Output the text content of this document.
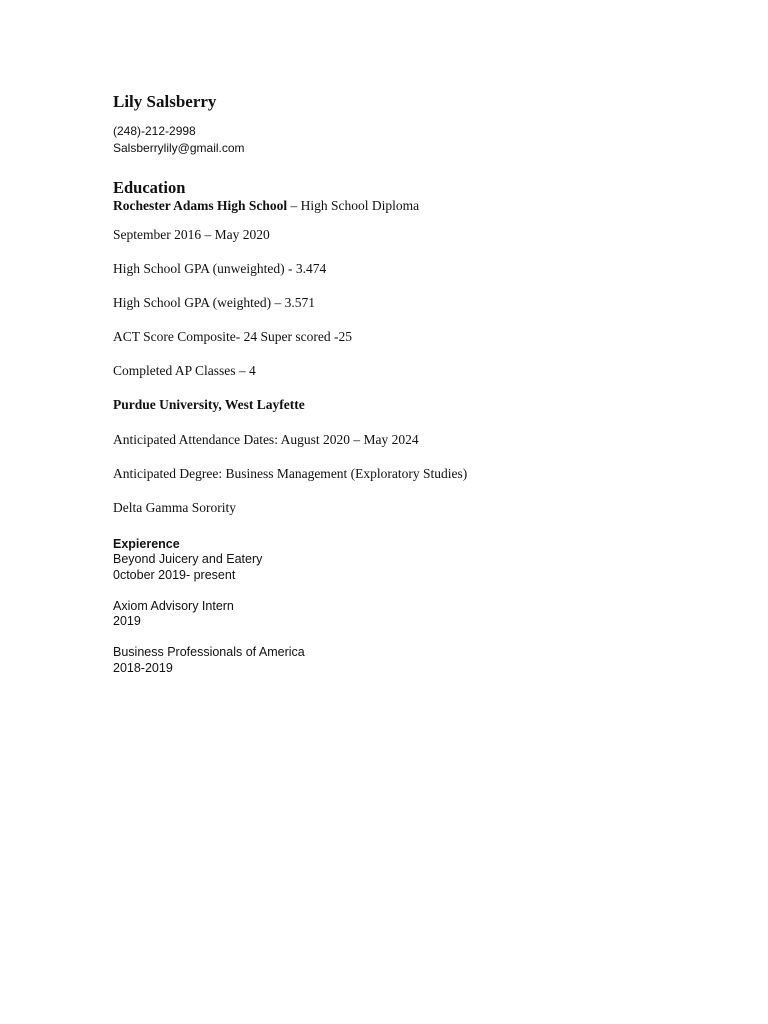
Lily Salsberry
(248)-212-2998
Salsberrylily@gmail.com
Education
Rochester Adams High School – High School Diploma
September 2016 – May 2020
High School GPA (unweighted) - 3.474
High School GPA (weighted) – 3.571
ACT Score Composite- 24 Super scored -25
Completed AP Classes – 4
Purdue University, West Layfette
Anticipated Attendance Dates: August 2020 – May 2024
Anticipated Degree: Business Management (Exploratory Studies)
Delta Gamma Sorority
Expierence
Beyond Juicery and Eatery
0ctober 2019- present
Axiom Advisory Intern
2019
Business Professionals of America
2018-2019
